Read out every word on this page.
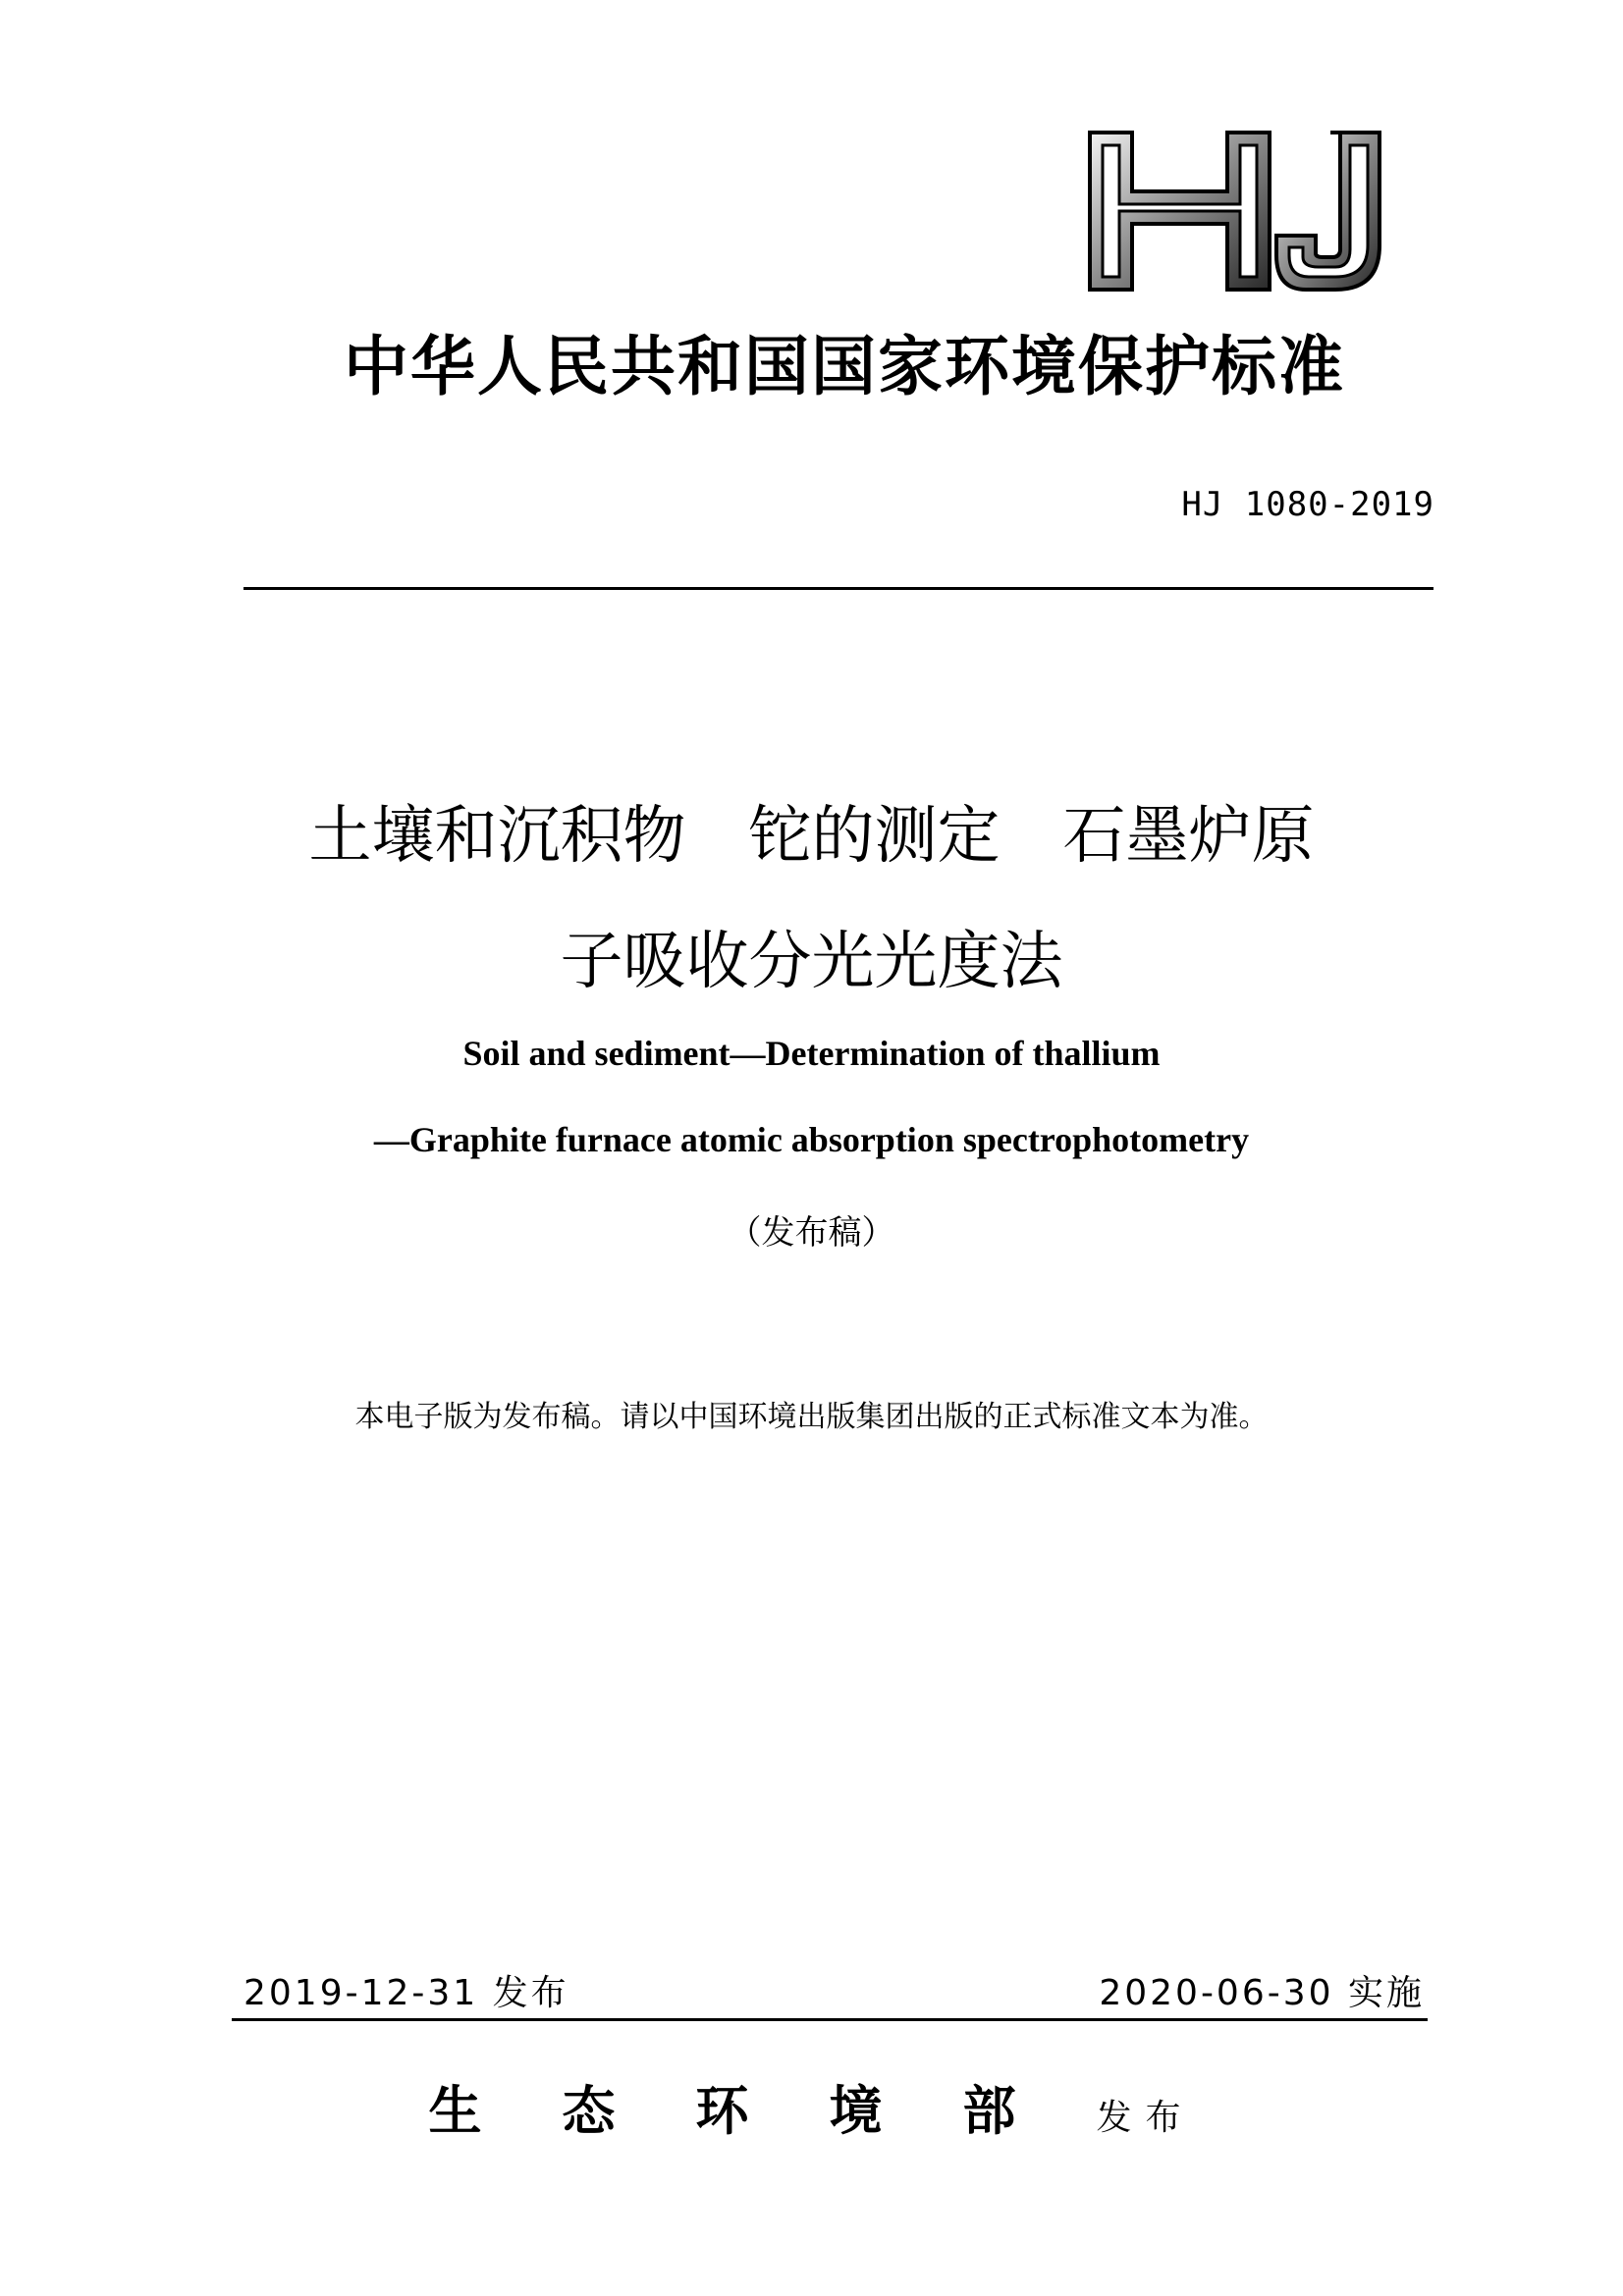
中华人民共和国国家环境保护标准
HJ 1080-2019
土壤和沉积物　铊的测定　石墨炉原
子吸收分光光度法
Soil and sediment—Determination of thallium
—Graphite furnace atomic absorption spectrophotometry
（发布稿）
本电子版为发布稿。请以中国环境出版集团出版的正式标准文本为准。
2019-12-31 发布	2020-06-30 实施
生态环境部发布
